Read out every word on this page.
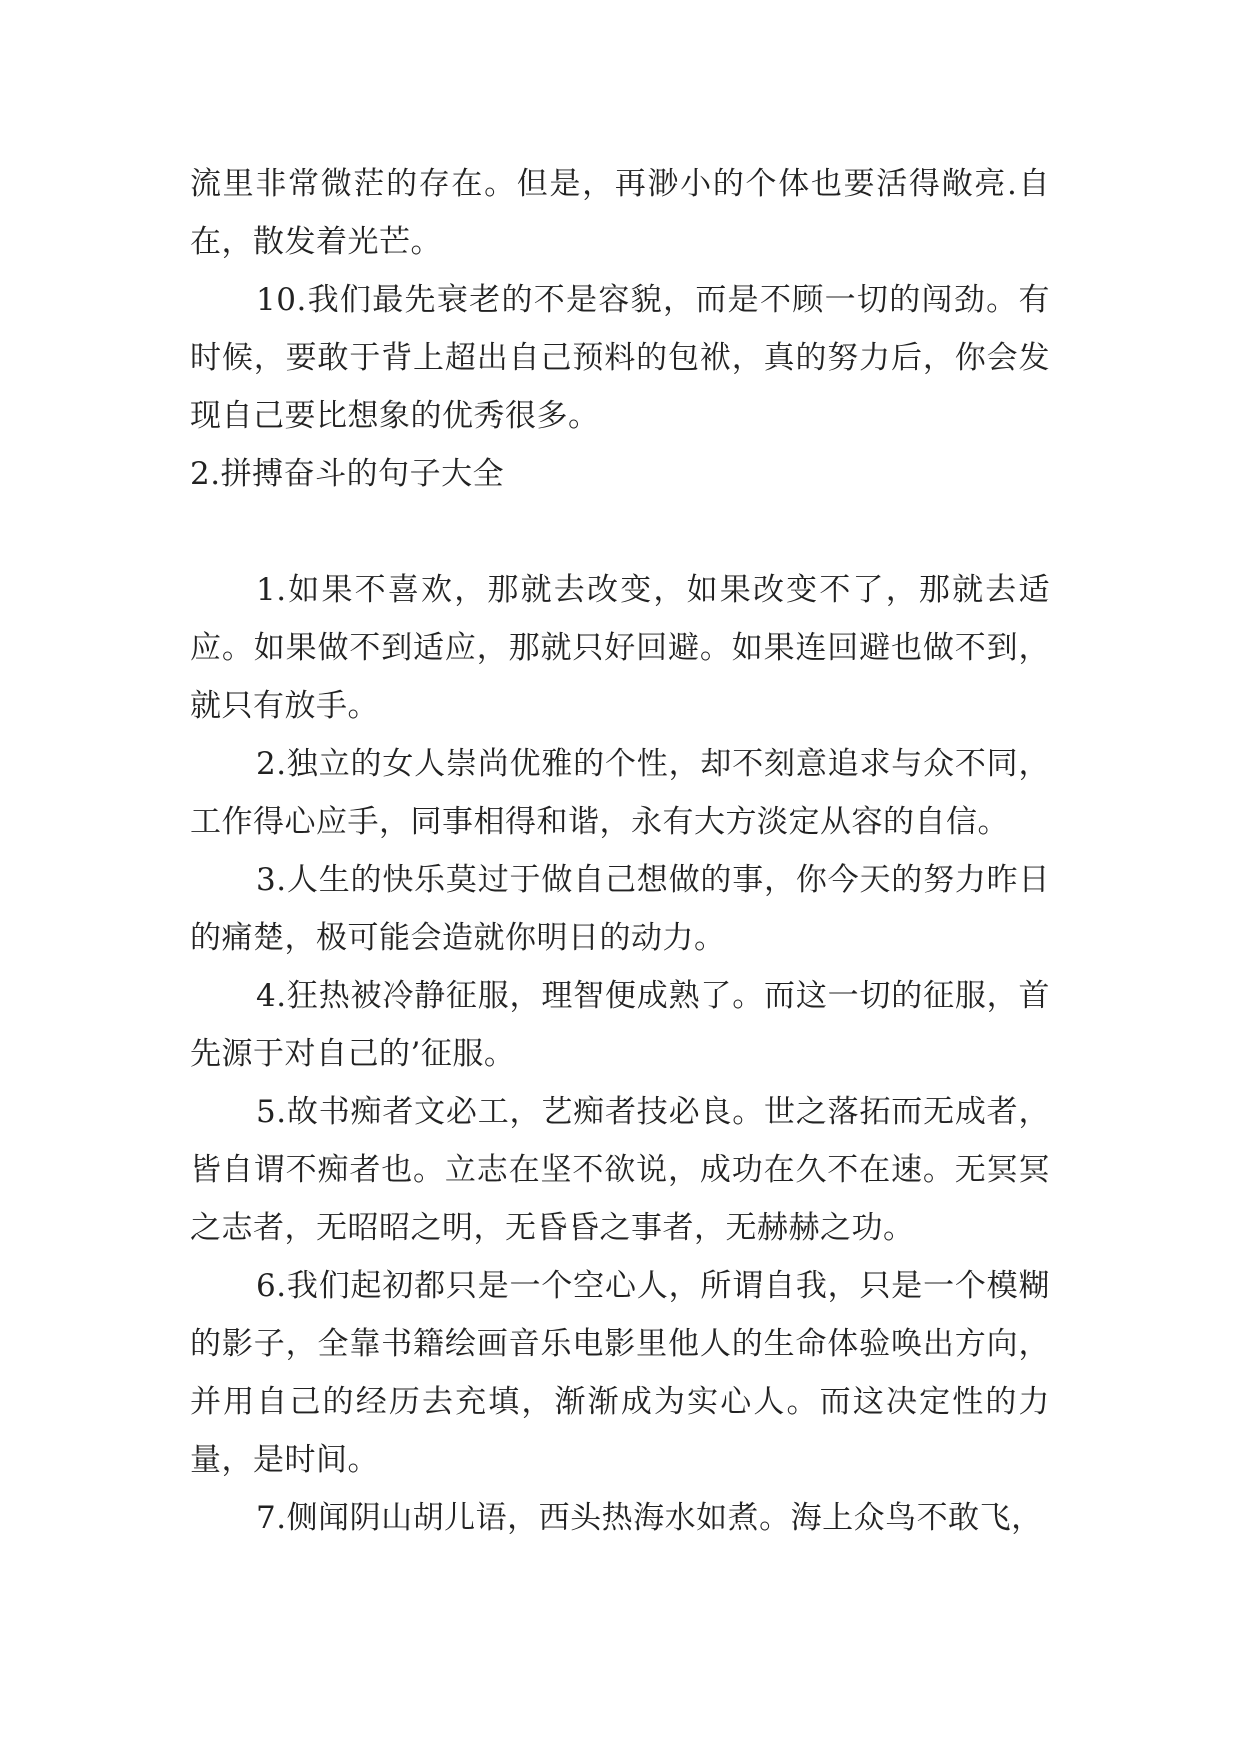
流里非常微茫的存在。但是，再渺小的个体也要活得敞亮.自在，散发着光芒。

10.我们最先衰老的不是容貌，而是不顾一切的闯劲。有时候，要敢于背上超出自己预料的包袱，真的努力后，你会发现自己要比想象的优秀很多。

2.拼搏奋斗的句子大全

1.如果不喜欢，那就去改变，如果改变不了，那就去适应。如果做不到适应，那就只好回避。如果连回避也做不到，就只有放手。

2.独立的女人崇尚优雅的个性，却不刻意追求与众不同，工作得心应手，同事相得和谐，永有大方淡定从容的自信。

3.人生的快乐莫过于做自己想做的事，你今天的努力昨日的痛楚，极可能会造就你明日的动力。

4.狂热被冷静征服，理智便成熟了。而这一切的征服，首先源于对自己的’征服。

5.故书痴者文必工，艺痴者技必良。世之落拓而无成者，皆自谓不痴者也。立志在坚不欲说，成功在久不在速。无冥冥之志者，无昭昭之明，无昏昏之事者，无赫赫之功。

6.我们起初都只是一个空心人，所谓自我，只是一个模糊的影子，全靠书籍绘画音乐电影里他人的生命体验唤出方向，并用自己的经历去充填，渐渐成为实心人。而这决定性的力量，是时间。

7.侧闻阴山胡儿语，西头热海水如煮。海上众鸟不敢飞，
